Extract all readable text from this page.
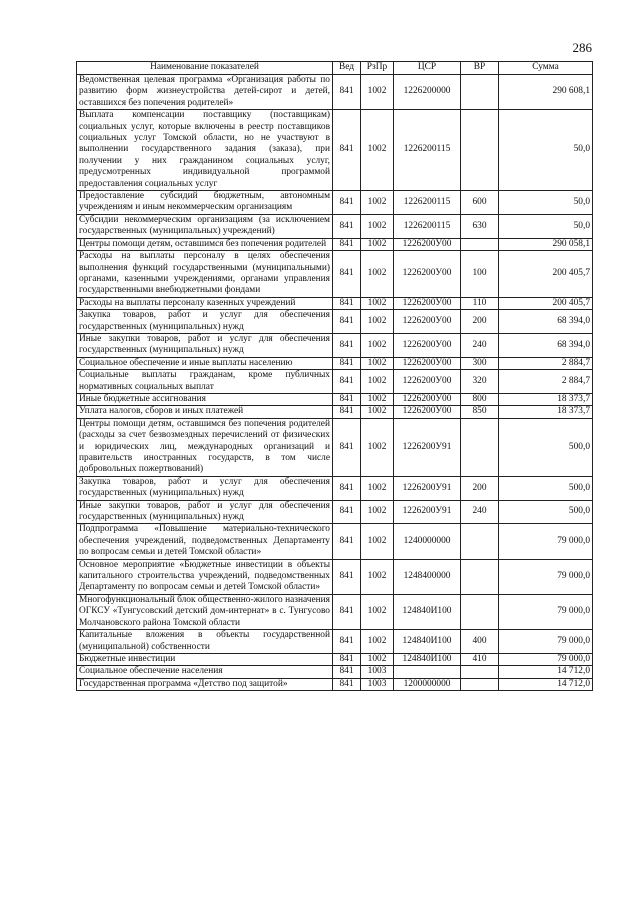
286
Наименование показателей	Вед	РзПр	ЦСР	ВР	Сумма
Ведомственная целевая программа «Организация работы по развитию форм жизнеустройства детей-сирот и детей, оставшихся без попечения родителей»	841	1002	1226200000		290 608,1
Выплата компенсации поставщику (поставщикам) социальных услуг, которые включены в реестр поставщиков социальных услуг Томской области, но не участвуют в выполнении государственного задания (заказа), при получении у них гражданином социальных услуг, предусмотренных индивидуальной программой предоставления социальных услуг	841	1002	1226200115		50,0
Предоставление субсидий бюджетным, автономным учреждениям и иным некоммерческим организациям	841	1002	1226200115	600	50,0
Субсидии некоммерческим организациям (за исключением государственных (муниципальных) учреждений)	841	1002	1226200115	630	50,0
Центры помощи детям, оставшимся без попечения родителей	841	1002	1226200У00		290 058,1
Расходы на выплаты персоналу в целях обеспечения выполнения функций государственными (муниципальными) органами, казенными учреждениями, органами управления государственными внебюджетными фондами	841	1002	1226200У00	100	200 405,7
Расходы на выплаты персоналу казенных учреждений	841	1002	1226200У00	110	200 405,7
Закупка товаров, работ и услуг для обеспечения государственных (муниципальных) нужд	841	1002	1226200У00	200	68 394,0
Иные закупки товаров, работ и услуг для обеспечения государственных (муниципальных) нужд	841	1002	1226200У00	240	68 394,0
Социальное обеспечение и иные выплаты населению	841	1002	1226200У00	300	2 884,7
Социальные выплаты гражданам, кроме публичных нормативных социальных выплат	841	1002	1226200У00	320	2 884,7
Иные бюджетные ассигнования	841	1002	1226200У00	800	18 373,7
Уплата налогов, сборов и иных платежей	841	1002	1226200У00	850	18 373,7
Центры помощи детям, оставшимся без попечения родителей (расходы за счет безвозмездных перечислений от физических и юридических лиц, международных организаций и правительств иностранных государств, в том числе добровольных пожертвований)	841	1002	1226200У91		500,0
Закупка товаров, работ и услуг для обеспечения государственных (муниципальных) нужд	841	1002	1226200У91	200	500,0
Иные закупки товаров, работ и услуг для обеспечения государственных (муниципальных) нужд	841	1002	1226200У91	240	500,0
Подпрограмма «Повышение материально-технического обеспечения учреждений, подведомственных Департаменту по вопросам семьи и детей Томской области»	841	1002	1240000000		79 000,0
Основное мероприятие «Бюджетные инвестиции в объекты капитального строительства учреждений, подведомственных Департаменту по вопросам семьи и детей Томской области»	841	1002	1248400000		79 000,0
Многофункциональный блок общественно-жилого назначения ОГКСУ «Тунгусовский детский дом-интернат» в с. Тунгусово Молчановского района Томской области	841	1002	124840И100		79 000,0
Капитальные вложения в объекты государственной (муниципальной) собственности	841	1002	124840И100	400	79 000,0
Бюджетные инвестиции	841	1002	124840И100	410	79 000,0
Социальное обеспечение населения	841	1003			14 712,0
Государственная программа «Детство под защитой»	841	1003	1200000000		14 712,0
